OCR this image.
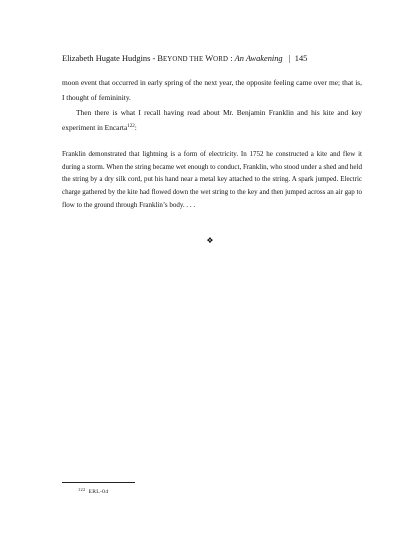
Elizabeth Hugate Hudgins - BEYOND THE WORD : An Awakening   |  145

moon event that occurred in early spring of the next year, the opposite feeling came over me; that is, I thought of femininity.

Then there is what I recall having read about Mr. Benjamin Franklin and his kite and key experiment in Encarta$^{122}$:

Franklin demonstrated that lightning is a form of electricity. In 1752 he constructed a kite and flew it during a storm. When the string became wet enough to conduct, Franklin, who stood under a shed and held the string by a dry silk cord, put his hand near a metal key attached to the string. A spark jumped. Electric charge gathered by the kite had flowed down the wet string to the key and then jumped across an air gap to flow to the ground through Franklin’s body. . . .

❖
$^{122}$ ERL-04
